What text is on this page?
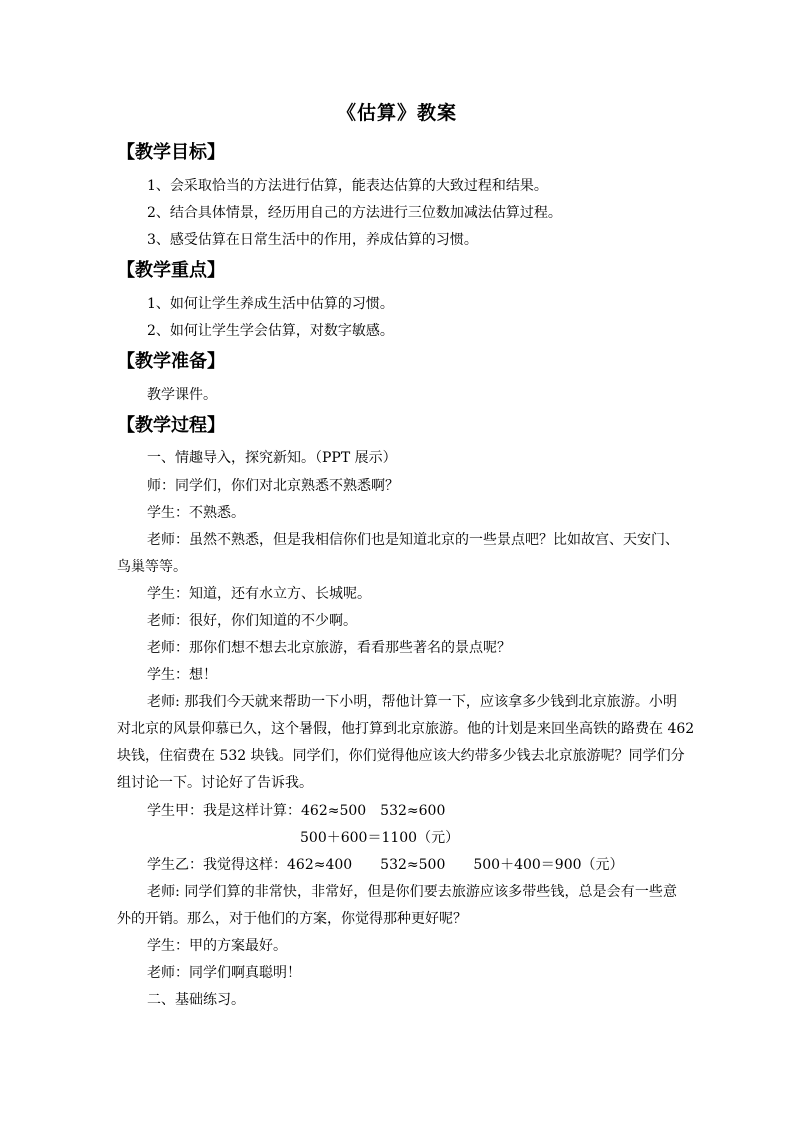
《估算》教案
【教学目标】
1、会采取恰当的方法进行估算，能表达估算的大致过程和结果。
2、结合具体情景，经历用自己的方法进行三位数加减法估算过程。
3、感受估算在日常生活中的作用，养成估算的习惯。
【教学重点】
1、如何让学生养成生活中估算的习惯。
2、如何让学生学会估算，对数字敏感。
【教学准备】
教学课件。
【教学过程】
一、情趣导入，探究新知。（PPT 展示）
师：同学们，你们对北京熟悉不熟悉啊？
学生：不熟悉。
老师：虽然不熟悉，但是我相信你们也是知道北京的一些景点吧？比如故宫、天安门、
鸟巢等等。
学生：知道，还有水立方、长城呢。
老师：很好，你们知道的不少啊。
老师：那你们想不想去北京旅游，看看那些著名的景点呢？
学生：想！
老师: 那我们今天就来帮助一下小明，帮他计算一下，应该拿多少钱到北京旅游。小明
对北京的风景仰慕已久，这个暑假，他打算到北京旅游。他的计划是来回坐高铁的路费在 462
块钱，住宿费在 532 块钱。同学们，你们觉得他应该大约带多少钱去北京旅游呢？同学们分
组讨论一下。讨论好了告诉我。
学生甲：我是这样计算：462≈500　532≈600
500＋600＝1100（元）
学生乙：我觉得这样：462≈400　　532≈500　　500＋400＝900（元）
老师: 同学们算的非常快，非常好，但是你们要去旅游应该多带些钱，总是会有一些意
外的开销。那么，对于他们的方案，你觉得那种更好呢？
学生：甲的方案最好。
老师：同学们啊真聪明！
二、基础练习。
